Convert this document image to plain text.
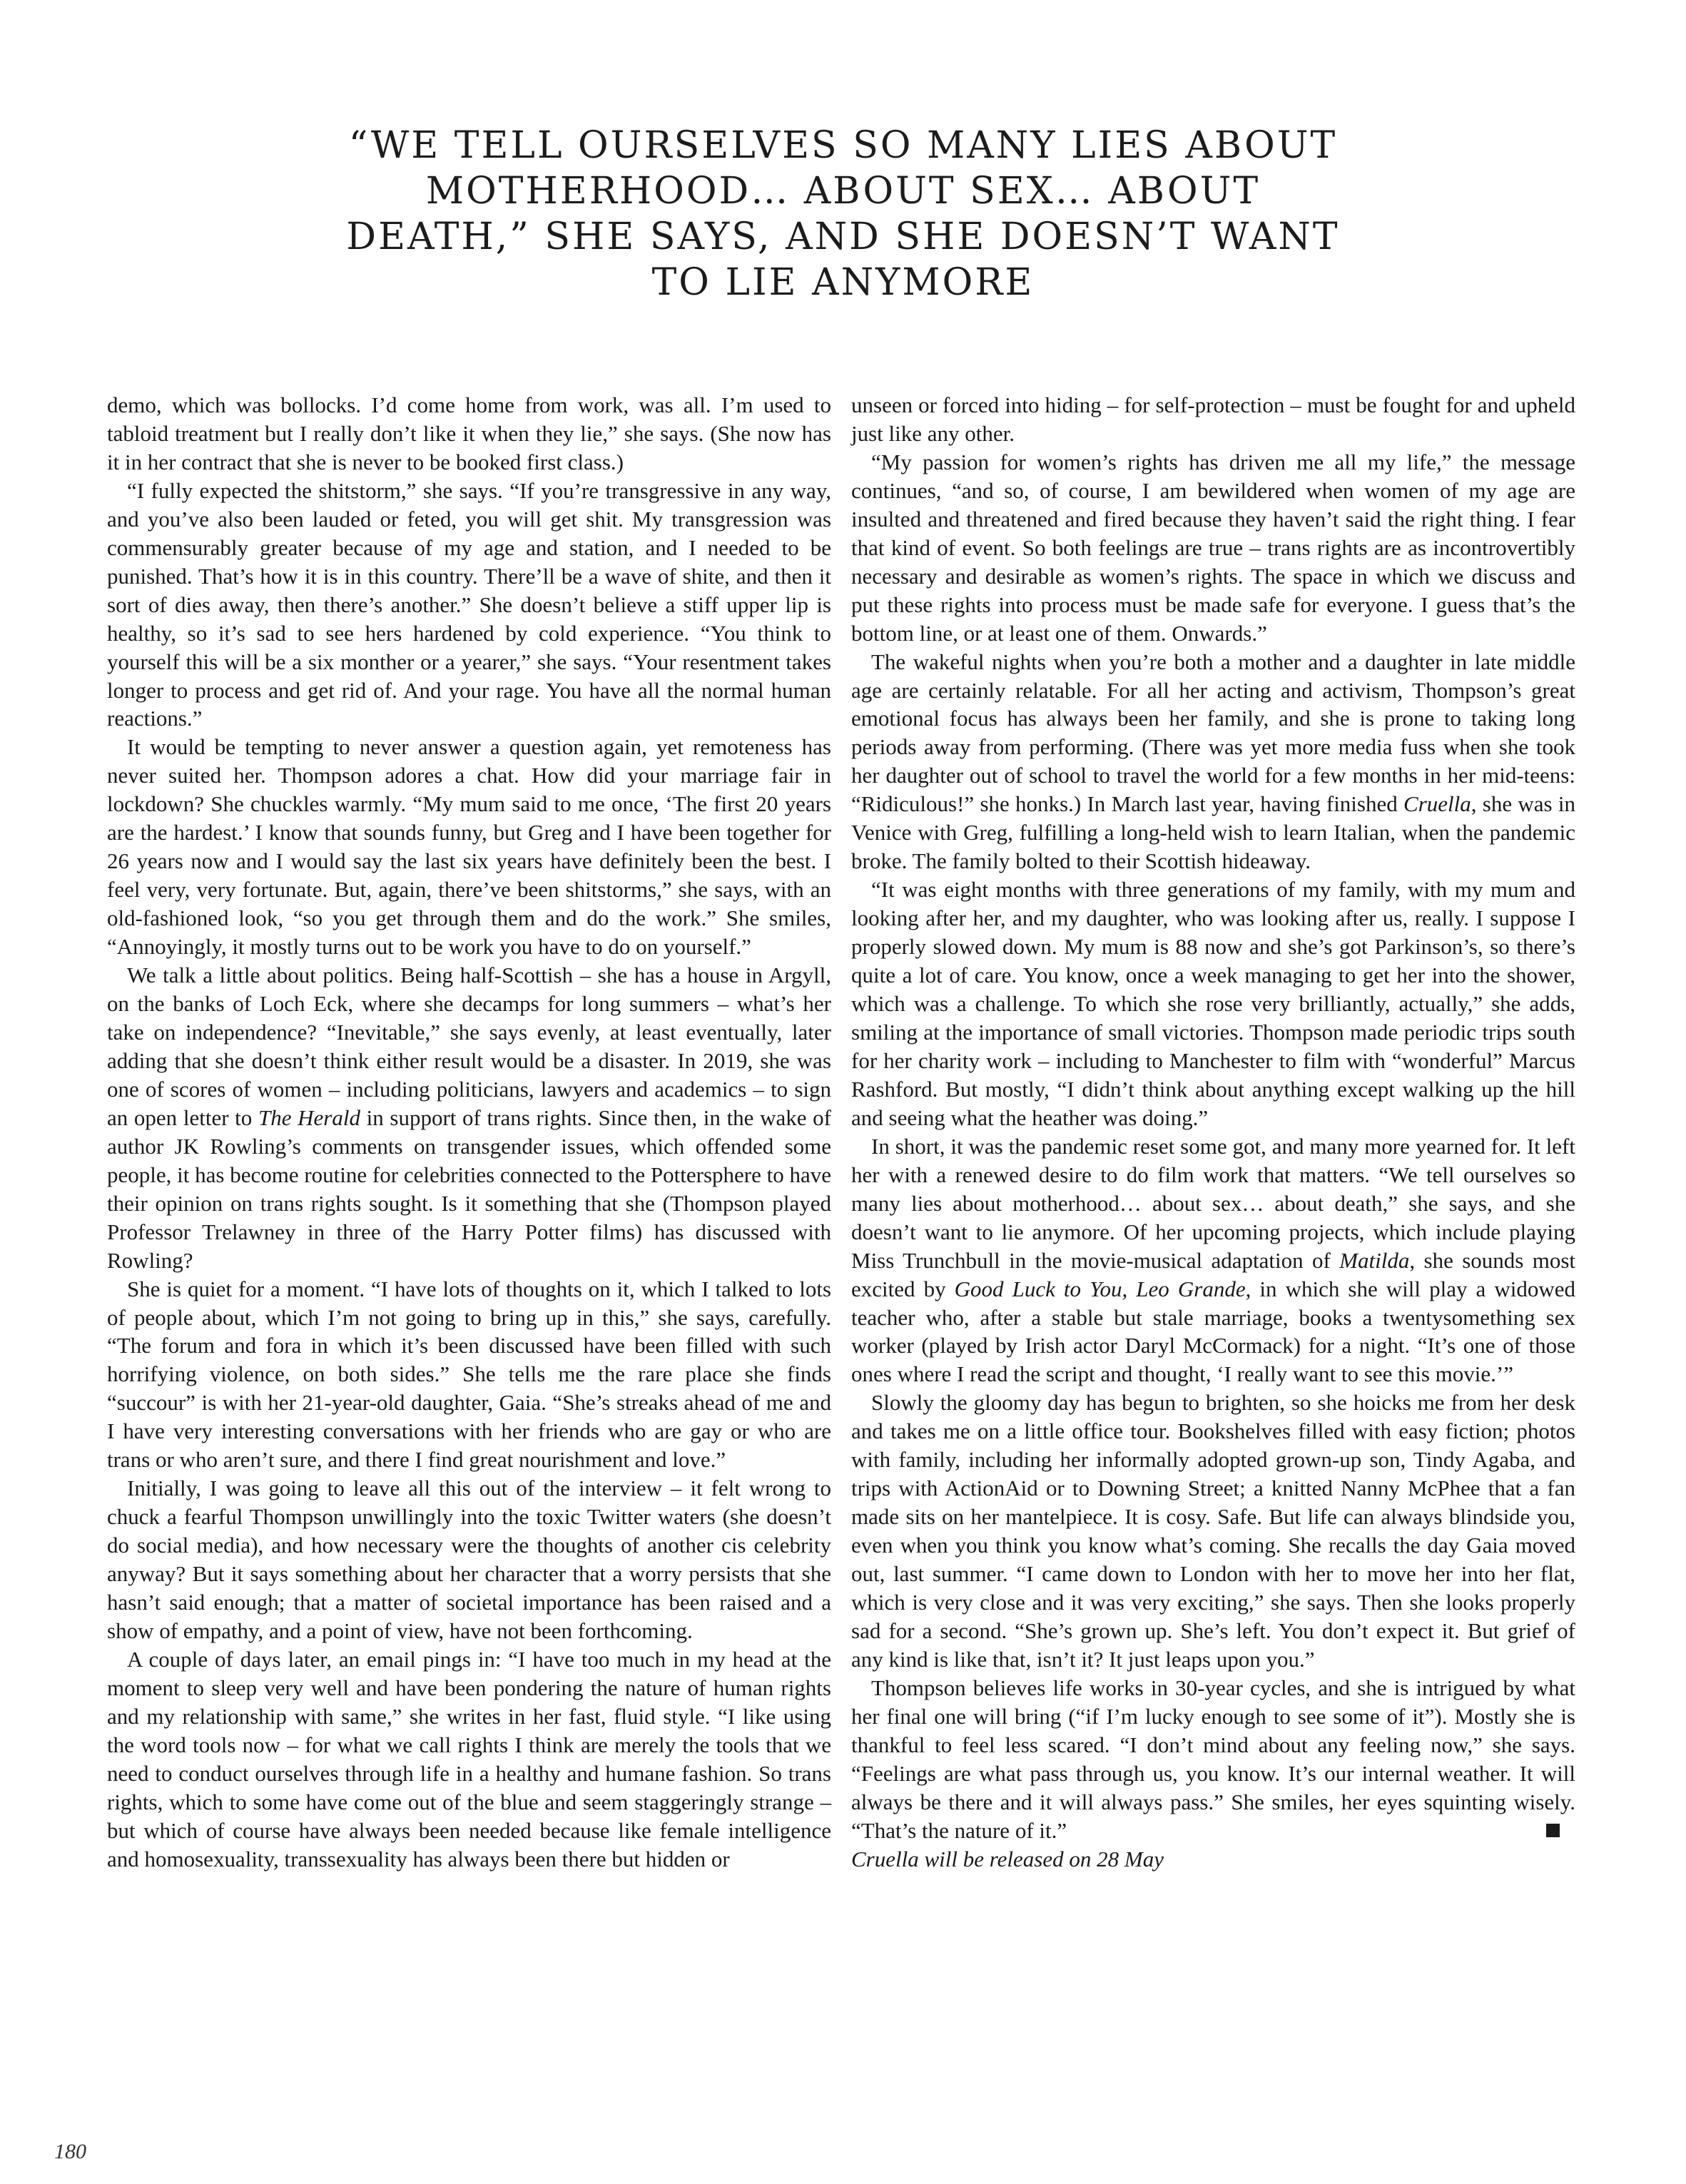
“WE TELL OURSELVES SO MANY LIES ABOUT
MOTHERHOOD… ABOUT SEX… ABOUT
DEATH,” SHE SAYS, AND SHE DOESN’T WANT
TO LIE ANYMORE

demo, which was bollocks. I’d come home from work, was all. I’m used to tabloid treatment but I really don’t like it when they lie,” she says. (She now has it in her contract that she is never to be booked first class.)

“I fully expected the shitstorm,” she says. “If you’re transgressive in any way, and you’ve also been lauded or feted, you will get shit. My transgression was commensurably greater because of my age and station, and I needed to be punished. That’s how it is in this country. There’ll be a wave of shite, and then it sort of dies away, then there’s another.” She doesn’t believe a stiff upper lip is healthy, so it’s sad to see hers hardened by cold experience. “You think to yourself this will be a six monther or a yearer,” she says. “Your resentment takes longer to process and get rid of. And your rage. You have all the normal human reactions.”

It would be tempting to never answer a question again, yet remoteness has never suited her. Thompson adores a chat. How did your marriage fair in lockdown? She chuckles warmly. “My mum said to me once, ‘The first 20 years are the hardest.’ I know that sounds funny, but Greg and I have been together for 26 years now and I would say the last six years have definitely been the best. I feel very, very fortunate. But, again, there’ve been shitstorms,” she says, with an old-fashioned look, “so you get through them and do the work.” She smiles, “Annoyingly, it mostly turns out to be work you have to do on yourself.”

We talk a little about politics. Being half-Scottish – she has a house in Argyll, on the banks of Loch Eck, where she decamps for long summers – what’s her take on independence? “Inevitable,” she says evenly, at least eventually, later adding that she doesn’t think either result would be a disaster. In 2019, she was one of scores of women – including politicians, lawyers and academics – to sign an open letter to The Herald in support of trans rights. Since then, in the wake of author JK Rowling’s comments on transgender issues, which offended some people, it has become routine for celebrities connected to the Pottersphere to have their opinion on trans rights sought. Is it something that she (Thompson played Professor Trelawney in three of the Harry Potter films) has discussed with Rowling?

She is quiet for a moment. “I have lots of thoughts on it, which I talked to lots of people about, which I’m not going to bring up in this,” she says, carefully. “The forum and fora in which it’s been discussed have been filled with such horrifying violence, on both sides.” She tells me the rare place she finds “succour” is with her 21-year-old daughter, Gaia. “She’s streaks ahead of me and I have very interesting conversations with her friends who are gay or who are trans or who aren’t sure, and there I find great nourishment and love.”

Initially, I was going to leave all this out of the interview – it felt wrong to chuck a fearful Thompson unwillingly into the toxic Twitter waters (she doesn’t do social media), and how necessary were the thoughts of another cis celebrity anyway? But it says something about her character that a worry persists that she hasn’t said enough; that a matter of societal importance has been raised and a show of empathy, and a point of view, have not been forthcoming.

A couple of days later, an email pings in: “I have too much in my head at the moment to sleep very well and have been pondering the nature of human rights and my relationship with same,” she writes in her fast, fluid style. “I like using the word tools now – for what we call rights I think are merely the tools that we need to conduct ourselves through life in a healthy and humane fashion. So trans rights, which to some have come out of the blue and seem staggeringly strange – but which of course have always been needed because like female intelligence and homosexuality, transsexuality has always been there but hidden or

unseen or forced into hiding – for self-protection – must be fought for and upheld just like any other.

“My passion for women’s rights has driven me all my life,” the message continues, “and so, of course, I am bewildered when women of my age are insulted and threatened and fired because they haven’t said the right thing. I fear that kind of event. So both feelings are true – trans rights are as incontrovertibly necessary and desirable as women’s rights. The space in which we discuss and put these rights into process must be made safe for everyone. I guess that’s the bottom line, or at least one of them. Onwards.”

The wakeful nights when you’re both a mother and a daughter in late middle age are certainly relatable. For all her acting and activism, Thompson’s great emotional focus has always been her family, and she is prone to taking long periods away from performing. (There was yet more media fuss when she took her daughter out of school to travel the world for a few months in her mid-teens: “Ridiculous!” she honks.) In March last year, having finished Cruella, she was in Venice with Greg, fulfilling a long-held wish to learn Italian, when the pandemic broke. The family bolted to their Scottish hideaway.

“It was eight months with three generations of my family, with my mum and looking after her, and my daughter, who was looking after us, really. I suppose I properly slowed down. My mum is 88 now and she’s got Parkinson’s, so there’s quite a lot of care. You know, once a week managing to get her into the shower, which was a challenge. To which she rose very brilliantly, actually,” she adds, smiling at the importance of small victories. Thompson made periodic trips south for her charity work – including to Manchester to film with “wonderful” Marcus Rashford. But mostly, “I didn’t think about anything except walking up the hill and seeing what the heather was doing.”

In short, it was the pandemic reset some got, and many more yearned for. It left her with a renewed desire to do film work that matters. “We tell ourselves so many lies about motherhood… about sex… about death,” she says, and she doesn’t want to lie anymore. Of her upcoming projects, which include playing Miss Trunchbull in the movie-musical adaptation of Matilda, she sounds most excited by Good Luck to You, Leo Grande, in which she will play a widowed teacher who, after a stable but stale marriage, books a twentysomething sex worker (played by Irish actor Daryl McCormack) for a night. “It’s one of those ones where I read the script and thought, ‘I really want to see this movie.’”

Slowly the gloomy day has begun to brighten, so she hoicks me from her desk and takes me on a little office tour. Bookshelves filled with easy fiction; photos with family, including her informally adopted grown-up son, Tindy Agaba, and trips with ActionAid or to Downing Street; a knitted Nanny McPhee that a fan made sits on her mantelpiece. It is cosy. Safe. But life can always blindside you, even when you think you know what’s coming. She recalls the day Gaia moved out, last summer. “I came down to London with her to move her into her flat, which is very close and it was very exciting,” she says. Then she looks properly sad for a second. “She’s grown up. She’s left. You don’t expect it. But grief of any kind is like that, isn’t it? It just leaps upon you.”

Thompson believes life works in 30-year cycles, and she is intrigued by what her final one will bring (“if I’m lucky enough to see some of it”). Mostly she is thankful to feel less scared. “I don’t mind about any feeling now,” she says. “Feelings are what pass through us, you know. It’s our internal weather. It will always be there and it will always pass.” She smiles, her eyes squinting wisely. “That’s the nature of it.”

Cruella will be released on 28 May

180
